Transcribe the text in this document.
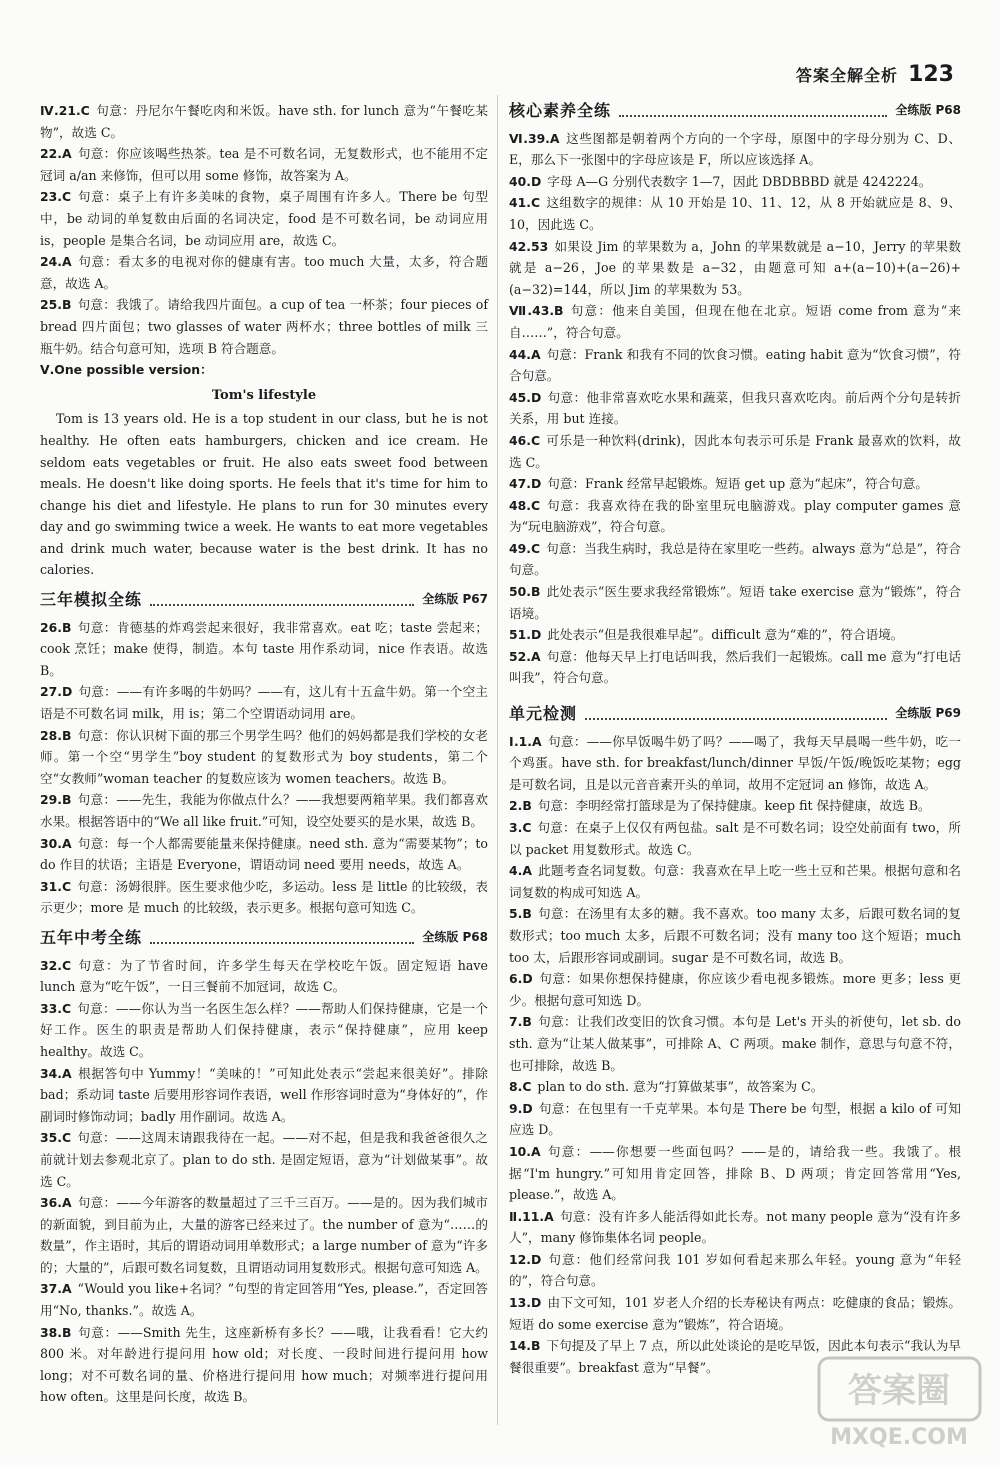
答案全解全析 123
Ⅳ.21.C 句意：丹尼尔午餐吃肉和米饭。have sth. for lunch 意为“午餐吃某物”，故选 C。
22.A 句意：你应该喝些热茶。tea 是不可数名词，无复数形式，也不能用不定冠词 a/an 来修饰，但可以用 some 修饰，故答案为 A。
23.C 句意：桌子上有许多美味的食物，桌子周围有许多人。There be 句型中，be 动词的单复数由后面的名词决定，food 是不可数名词，be 动词应用 is，people 是集合名词，be 动词应用 are，故选 C。
24.A 句意：看太多的电视对你的健康有害。too much 大量，太多，符合题意，故选 A。
25.B 句意：我饿了。请给我四片面包。a cup of tea 一杯茶；four pieces of bread 四片面包；two glasses of water 两杯水；three bottles of milk 三瓶牛奶。结合句意可知，选项 B 符合题意。
Ⅴ.One possible version：
Tom's lifestyle
Tom is 13 years old. He is a top student in our class, but he is not healthy. He often eats hamburgers, chicken and ice cream. He seldom eats vegetables or fruit. He also eats sweet food between meals. He doesn't like doing sports. He feels that it's time for him to change his diet and lifestyle. He plans to run for 30 minutes every day and go swimming twice a week. He wants to eat more vegetables and drink much water, because water is the best drink. It has no calories.
三年模拟全练	全练版 P67
26.B 句意：肯德基的炸鸡尝起来很好，我非常喜欢。eat 吃；taste 尝起来；cook 烹饪；make 使得，制造。本句 taste 用作系动词，nice 作表语。故选 B。
27.D 句意：——有许多喝的牛奶吗？——有，这儿有十五盒牛奶。第一个空主语是不可数名词 milk，用 is；第二个空谓语动词用 are。
28.B 句意：你认识树下面的那三个男学生吗？他们的妈妈都是我们学校的女老师。第一个空“男学生”boy student 的复数形式为 boy students，第二个空“女教师”woman teacher 的复数应该为 women teachers。故选 B。
29.B 句意：——先生，我能为你做点什么？——我想要两箱苹果。我们都喜欢水果。根据答语中的“We all like fruit.”可知，设空处要买的是水果，故选 B。
30.A 句意：每一个人都需要能量来保持健康。need sth. 意为“需要某物”；to do 作目的状语；主语是 Everyone，谓语动词 need 要用 needs，故选 A。
31.C 句意：汤姆很胖。医生要求他少吃，多运动。less 是 little 的比较级，表示更少；more 是 much 的比较级，表示更多。根据句意可知选 C。
五年中考全练	全练版 P68
32.C 句意：为了节省时间，许多学生每天在学校吃午饭。固定短语 have lunch 意为“吃午饭”，一日三餐前不加冠词，故选 C。
33.C 句意：——你认为当一名医生怎么样？——帮助人们保持健康，它是一个好工作。医生的职责是帮助人们保持健康，表示“保持健康”，应用 keep healthy。故选 C。
34.A 根据答句中 Yummy！“美味的！”可知此处表示“尝起来很美好”。排除 bad；系动词 taste 后要用形容词作表语，well 作形容词时意为“身体好的”，作副词时修饰动词；badly 用作副词。故选 A。
35.C 句意：——这周末请跟我待在一起。——对不起，但是我和我爸爸很久之前就计划去参观北京了。plan to do sth. 是固定短语，意为“计划做某事”。故选 C。
36.A 句意：——今年游客的数量超过了三千三百万。——是的。因为我们城市的新面貌，到目前为止，大量的游客已经来过了。the number of 意为“……的数量”，作主语时，其后的谓语动词用单数形式；a large number of 意为“许多的；大量的”，后跟可数名词复数，且谓语动词用复数形式。根据句意可知选 A。
37.A “Would you like+名词？”句型的肯定回答用“Yes, please.”，否定回答用“No, thanks.”。故选 A。
38.B 句意：——Smith 先生，这座新桥有多长？——哦，让我看看！它大约 800 米。对年龄进行提问用 how old；对长度、一段时间进行提问用 how long；对不可数名词的量、价格进行提问用 how much；对频率进行提问用 how often。这里是问长度，故选 B。
核心素养全练	全练版 P68
Ⅵ.39.A 这些图都是朝着两个方向的一个字母，原图中的字母分别为 C、D、E，那么下一张图中的字母应该是 F，所以应该选择 A。
40.D 字母 A—G 分别代表数字 1—7，因此 DBDBBBD 就是 4242224。
41.C 这组数字的规律：从 10 开始是 10、11、12，从 8 开始就应是 8、9、10，因此选 C。
42.53 如果设 Jim 的苹果数为 a，John 的苹果数就是 a−10，Jerry 的苹果数就是 a−26，Joe 的苹果数是 a−32，由题意可知 a+(a−10)+(a−26)+(a−32)=144，所以 Jim 的苹果数为 53。
Ⅶ.43.B 句意：他来自美国，但现在他在北京。短语 come from 意为“来自……”，符合句意。
44.A 句意：Frank 和我有不同的饮食习惯。eating habit 意为“饮食习惯”，符合句意。
45.D 句意：他非常喜欢吃水果和蔬菜，但我只喜欢吃肉。前后两个分句是转折关系，用 but 连接。
46.C 可乐是一种饮料(drink)，因此本句表示可乐是 Frank 最喜欢的饮料，故选 C。
47.D 句意：Frank 经常早起锻炼。短语 get up 意为“起床”，符合句意。
48.C 句意：我喜欢待在我的卧室里玩电脑游戏。play computer games 意为“玩电脑游戏”，符合句意。
49.C 句意：当我生病时，我总是待在家里吃一些药。always 意为“总是”，符合句意。
50.B 此处表示“医生要求我经常锻炼”。短语 take exercise 意为“锻炼”，符合语境。
51.D 此处表示“但是我很难早起”。difficult 意为“难的”，符合语境。
52.A 句意：他每天早上打电话叫我，然后我们一起锻炼。call me 意为“打电话叫我”，符合句意。
单元检测	全练版 P69
Ⅰ.1.A 句意：——你早饭喝牛奶了吗？——喝了，我每天早晨喝一些牛奶，吃一个鸡蛋。have sth. for breakfast/lunch/dinner 早饭/午饭/晚饭吃某物；egg 是可数名词，且是以元音音素开头的单词，故用不定冠词 an 修饰，故选 A。
2.B 句意：李明经常打篮球是为了保持健康。keep fit 保持健康，故选 B。
3.C 句意：在桌子上仅仅有两包盐。salt 是不可数名词；设空处前面有 two，所以 packet 用复数形式。故选 C。
4.A 此题考查名词复数。句意：我喜欢在早上吃一些土豆和芒果。根据句意和名词复数的构成可知选 A。
5.B 句意：在汤里有太多的糖。我不喜欢。too many 太多，后跟可数名词的复数形式；too much 太多，后跟不可数名词；没有 many too 这个短语；much too 太，后跟形容词或副词。sugar 是不可数名词，故选 B。
6.D 句意：如果你想保持健康，你应该少看电视多锻炼。more 更多；less 更少。根据句意可知选 D。
7.B 句意：让我们改变旧的饮食习惯。本句是 Let's 开头的祈使句，let sb. do sth. 意为“让某人做某事”，可排除 A、C 两项。make 制作，意思与句意不符，也可排除，故选 B。
8.C plan to do sth. 意为“打算做某事”，故答案为 C。
9.D 句意：在包里有一千克苹果。本句是 There be 句型，根据 a kilo of 可知应选 D。
10.A 句意：——你想要一些面包吗？——是的，请给我一些。我饿了。根据“I'm hungry.”可知用肯定回答，排除 B、D 两项；肯定回答常用“Yes, please.”，故选 A。
Ⅱ.11.A 句意：没有许多人能活得如此长寿。not many people 意为“没有许多人”，many 修饰集体名词 people。
12.D 句意：他们经常问我 101 岁如何看起来那么年轻。young 意为“年轻的”，符合句意。
13.D 由下文可知，101 岁老人介绍的长寿秘诀有两点：吃健康的食品；锻炼。短语 do some exercise 意为“锻炼”，符合语境。
14.B 下句提及了早上 7 点，所以此处谈论的是吃早饭，因此本句表示“我认为早餐很重要”。breakfast 意为“早餐”。
答案圈
MXQE.COM
